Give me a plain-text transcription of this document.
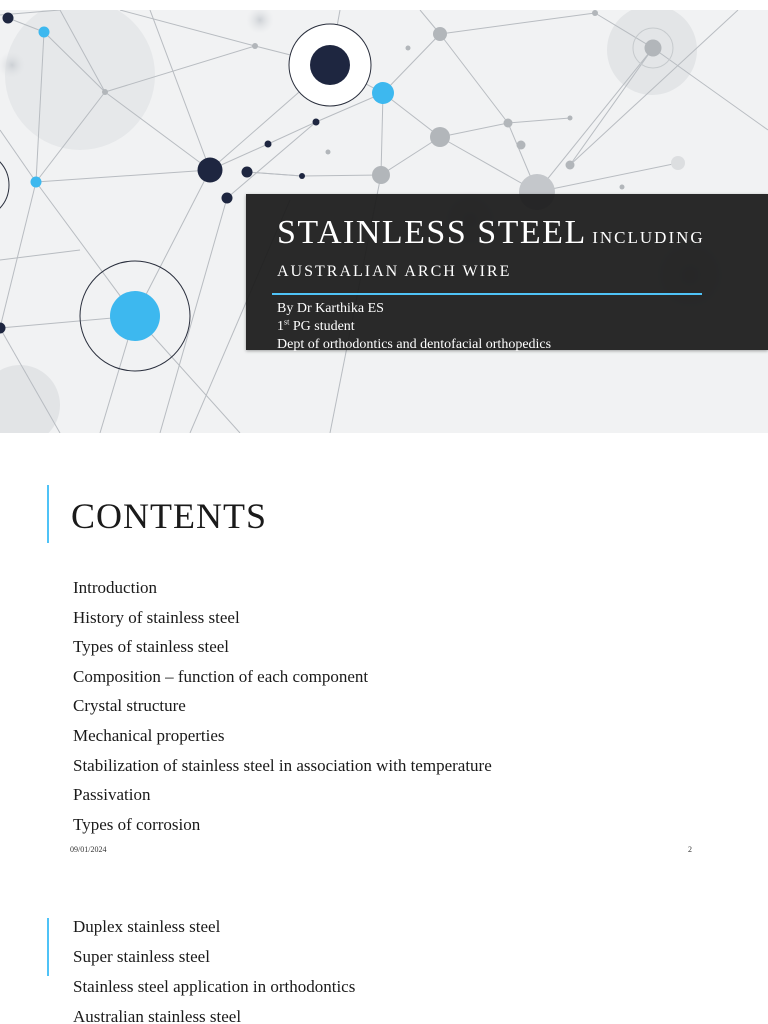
STAINLESS STEEL INCLUDING
AUSTRALIAN ARCH WIRE
By Dr Karthika ES
1st PG student
Dept of orthodontics and dentofacial orthopedics
CONTENTS
Introduction
History of stainless steel
Types of stainless steel
Composition – function of each component
Crystal structure
Mechanical properties
Stabilization of stainless steel in association with temperature
Passivation
Types of corrosion
09/01/2024	2
Duplex stainless steel
Super stainless steel
Stainless steel application in orthodontics
Australian stainless steel
